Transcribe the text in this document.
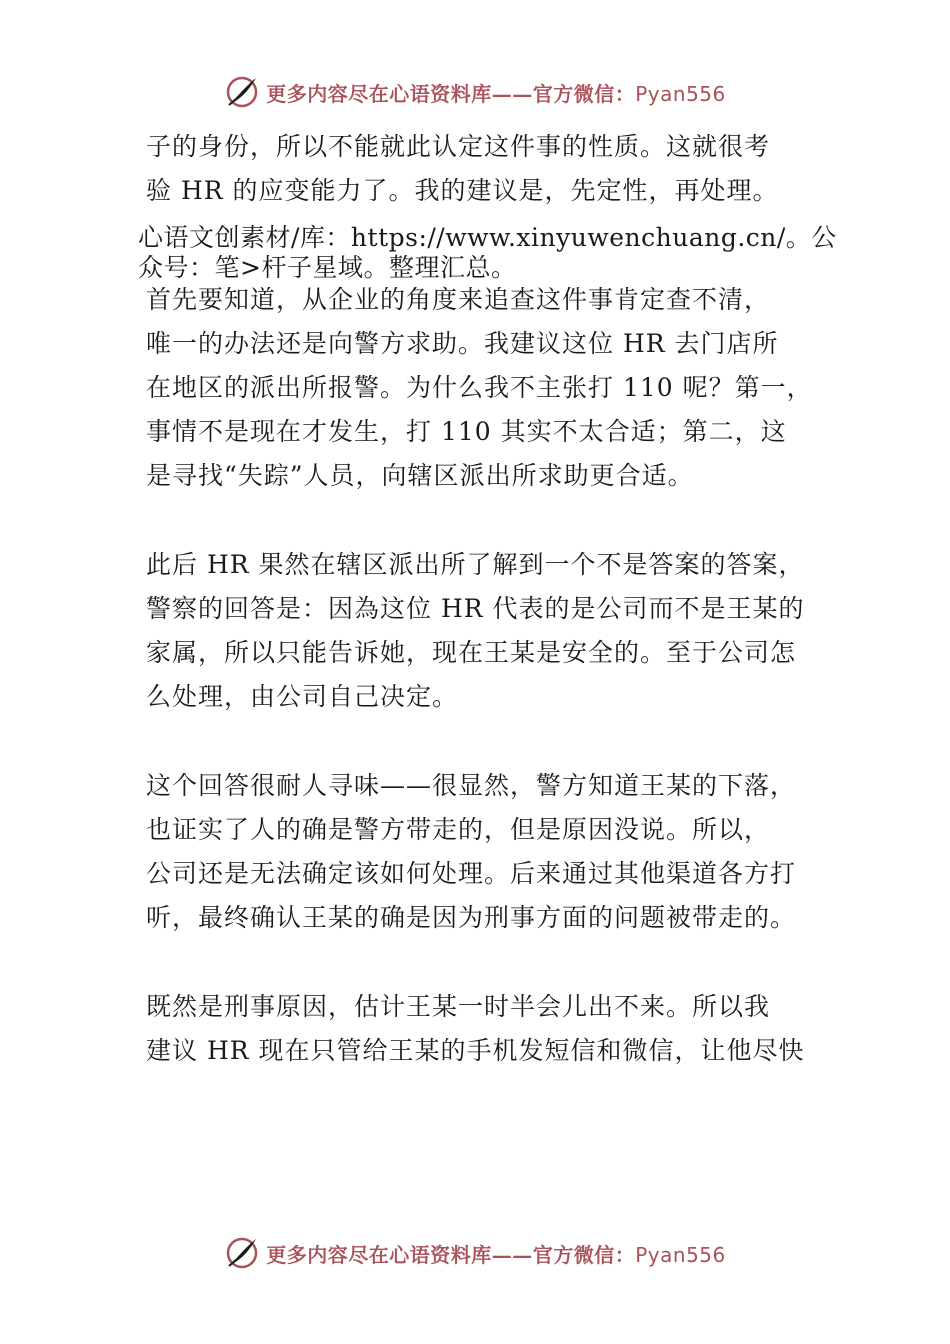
更多内容尽在心语资料库——官方微信：Pyan556
子的身份，所以不能就此认定这件事的性质。这就很考
验 HR 的应变能力了。我的建议是，先定性，再处理。
心语文创素材/库：https://www.xinyuwenchuang.cn/。公
众号：笔>杆子星域。整理汇总。
首先要知道，从企业的角度来追查这件事肯定查不清，
唯一的办法还是向警方求助。我建议这位 HR 去门店所
在地区的派出所报警。为什么我不主张打 110 呢？第一，
事情不是现在才发生，打 110 其实不太合适；第二，这
是寻找“失踪”人员，向辖区派出所求助更合适。
此后 HR 果然在辖区派出所了解到一个不是答案的答案，
警察的回答是：因為这位 HR 代表的是公司而不是王某的
家属，所以只能告诉她，现在王某是安全的。至于公司怎
么处理，由公司自己决定。
这个回答很耐人寻味——很显然，警方知道王某的下落，
也证实了人的确是警方带走的，但是原因没说。所以，
公司还是无法确定该如何处理。后来通过其他渠道各方打
听，最终确认王某的确是因为刑事方面的问题被带走的。
既然是刑事原因，估计王某一时半会儿出不来。所以我
建议 HR 现在只管给王某的手机发短信和微信，让他尽快
更多内容尽在心语资料库——官方微信：Pyan556
